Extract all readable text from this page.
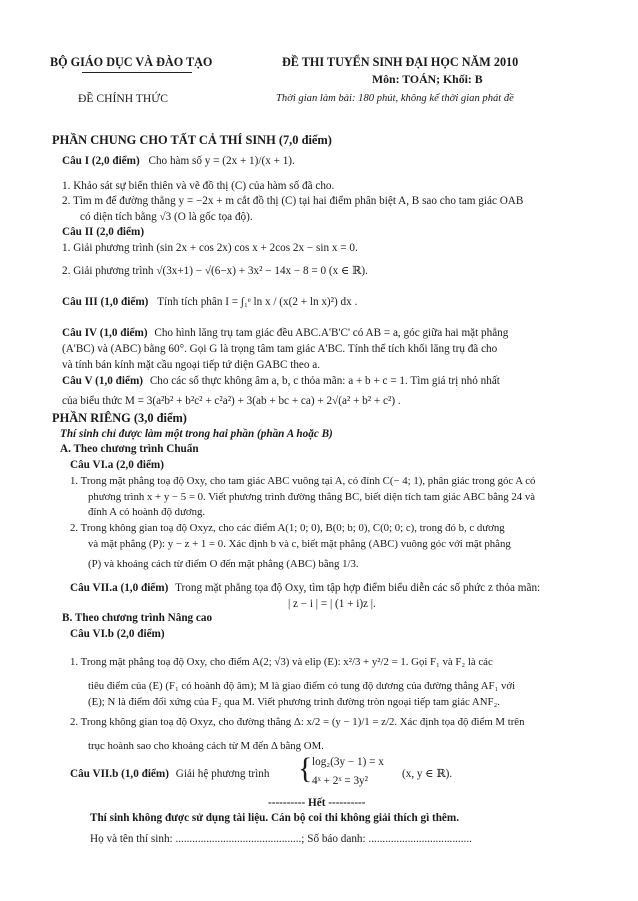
BỘ GIÁO DỤC VÀ ĐÀO TẠO
ĐỀ CHÍNH THỨC
ĐỀ THI TUYỂN SINH ĐẠI HỌC NĂM 2010
Môn: TOÁN; Khối: B
Thời gian làm bài: 180 phút, không kể thời gian phát đề
PHẦN CHUNG CHO TẤT CẢ THÍ SINH (7,0 điểm)
Câu I (2,0 điểm) Cho hàm số y = (2x + 1)/(x + 1).
1. Khảo sát sự biến thiên và vẽ đồ thị (C) của hàm số đã cho.
2. Tìm m để đường thẳng y = −2x + m cắt đồ thị (C) tại hai điểm phân biệt A, B sao cho tam giác OAB
có diện tích bằng √3 (O là gốc tọa độ).
Câu II (2,0 điểm)
1. Giải phương trình (sin 2x + cos 2x) cos x + 2cos 2x − sin x = 0.
2. Giải phương trình √(3x+1) − √(6−x) + 3x² − 14x − 8 = 0 (x ∈ ℝ).
Câu III (1,0 điểm) Tính tích phân I = ∫₁ᵉ ln x / (x(2 + ln x)²) dx .
Câu IV (1,0 điểm) Cho hình lăng trụ tam giác đều ABC.A'B'C' có AB = a, góc giữa hai mặt phẳng
(A'BC) và (ABC) bằng 60°. Gọi G là trọng tâm tam giác A'BC. Tính thể tích khối lăng trụ đã cho
và tính bán kính mặt cầu ngoại tiếp tứ diện GABC theo a.
Câu V (1,0 điểm) Cho các số thực không âm a, b, c thỏa mãn: a + b + c = 1. Tìm giá trị nhỏ nhất
của biểu thức M = 3(a²b² + b²c² + c²a²) + 3(ab + bc + ca) + 2√(a² + b² + c²) .
PHẦN RIÊNG (3,0 điểm)
Thí sinh chỉ được làm một trong hai phần (phần A hoặc B)
A. Theo chương trình Chuẩn
Câu VI.a (2,0 điểm)
1. Trong mặt phẳng toạ độ Oxy, cho tam giác ABC vuông tại A, có đỉnh C(− 4; 1), phân giác trong góc A có
phương trình x + y − 5 = 0. Viết phương trình đường thẳng BC, biết diện tích tam giác ABC bằng 24 và
đỉnh A có hoành độ dương.
2. Trong không gian toạ độ Oxyz, cho các điểm A(1; 0; 0), B(0; b; 0), C(0; 0; c), trong đó b, c dương
và mặt phẳng (P): y − z + 1 = 0. Xác định b và c, biết mặt phẳng (ABC) vuông góc với mặt phẳng
(P) và khoảng cách từ điểm O đến mặt phẳng (ABC) bằng 1/3.
Câu VII.a (1,0 điểm) Trong mặt phẳng tọa độ Oxy, tìm tập hợp điểm biểu diễn các số phức z thỏa mãn:
| z − i | = | (1 + i)z |.
B. Theo chương trình Nâng cao
Câu VI.b (2,0 điểm)
1. Trong mặt phẳng toạ độ Oxy, cho điểm A(2; √3) và elip (E): x²/3 + y²/2 = 1. Gọi F₁ và F₂ là các
tiêu điểm của (E) (F₁ có hoành độ âm); M là giao điểm có tung độ dương của đường thẳng AF₁ với
(E); N là điểm đối xứng của F₂ qua M. Viết phương trình đường tròn ngoại tiếp tam giác ANF₂.
2. Trong không gian toạ độ Oxyz, cho đường thẳng Δ: x/2 = (y − 1)/1 = z/2. Xác định tọa độ điểm M trên
trục hoành sao cho khoảng cách từ M đến Δ bằng OM.
Câu VII.b (1,0 điểm) Giải hệ phương trình { log₂(3y − 1) = x
4ˣ + 2ˣ = 3y²
(x, y ∈ ℝ).
---------- Hết ----------
Thí sinh không được sử dụng tài liệu. Cán bộ coi thi không giải thích gì thêm.
Họ và tên thí sinh: .............................................; Số báo danh: .....................................
